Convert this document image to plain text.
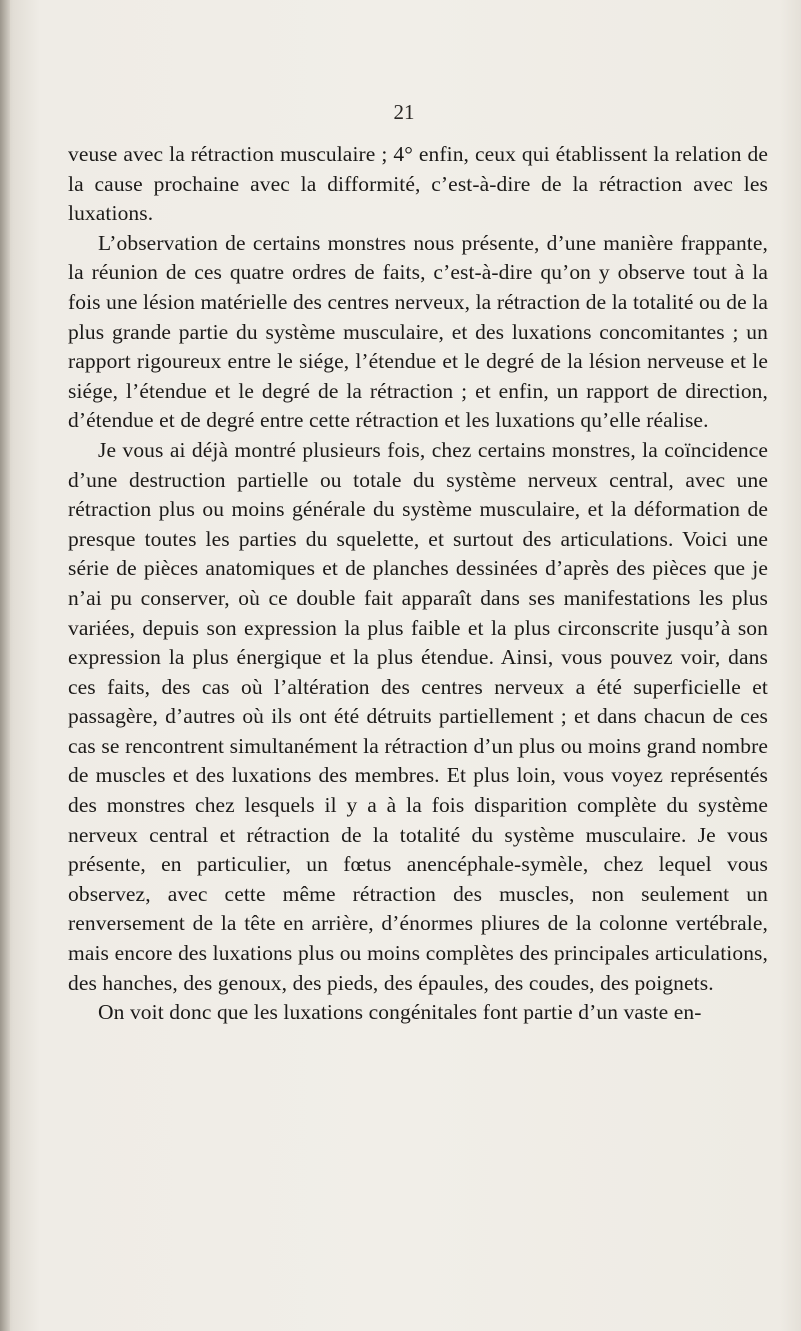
21

veuse avec la rétraction musculaire ; 4° enfin, ceux qui établissent la relation de la cause prochaine avec la difformité, c’est-à-dire de la rétraction avec les luxations.

L’observation de certains monstres nous présente, d’une manière frappante, la réunion de ces quatre ordres de faits, c’est-à-dire qu’on y observe tout à la fois une lésion matérielle des centres nerveux, la rétraction de la totalité ou de la plus grande partie du système musculaire, et des luxations concomitantes ; un rapport rigoureux entre le siége, l’étendue et le degré de la lésion nerveuse et le siége, l’étendue et le degré de la rétraction ; et enfin, un rapport de direction, d’étendue et de degré entre cette rétraction et les luxations qu’elle réalise.

Je vous ai déjà montré plusieurs fois, chez certains monstres, la coïncidence d’une destruction partielle ou totale du système nerveux central, avec une rétraction plus ou moins générale du système musculaire, et la déformation de presque toutes les parties du squelette, et surtout des articulations. Voici une série de pièces anatomiques et de planches dessinées d’après des pièces que je n’ai pu conserver, où ce double fait apparaît dans ses manifestations les plus variées, depuis son expression la plus faible et la plus circonscrite jusqu’à son expression la plus énergique et la plus étendue. Ainsi, vous pouvez voir, dans ces faits, des cas où l’altération des centres nerveux a été superficielle et passagère, d’autres où ils ont été détruits partiellement ; et dans chacun de ces cas se rencontrent simultanément la rétraction d’un plus ou moins grand nombre de muscles et des luxations des membres. Et plus loin, vous voyez représentés des monstres chez lesquels il y a à la fois disparition complète du système nerveux central et rétraction de la totalité du système musculaire. Je vous présente, en particulier, un fœtus anencéphale-symèle, chez lequel vous observez, avec cette même rétraction des muscles, non seulement un renversement de la tête en arrière, d’énormes pliures de la colonne vertébrale, mais encore des luxations plus ou moins complètes des principales articulations, des hanches, des genoux, des pieds, des épaules, des coudes, des poignets.

On voit donc que les luxations congénitales font partie d’un vaste en-
